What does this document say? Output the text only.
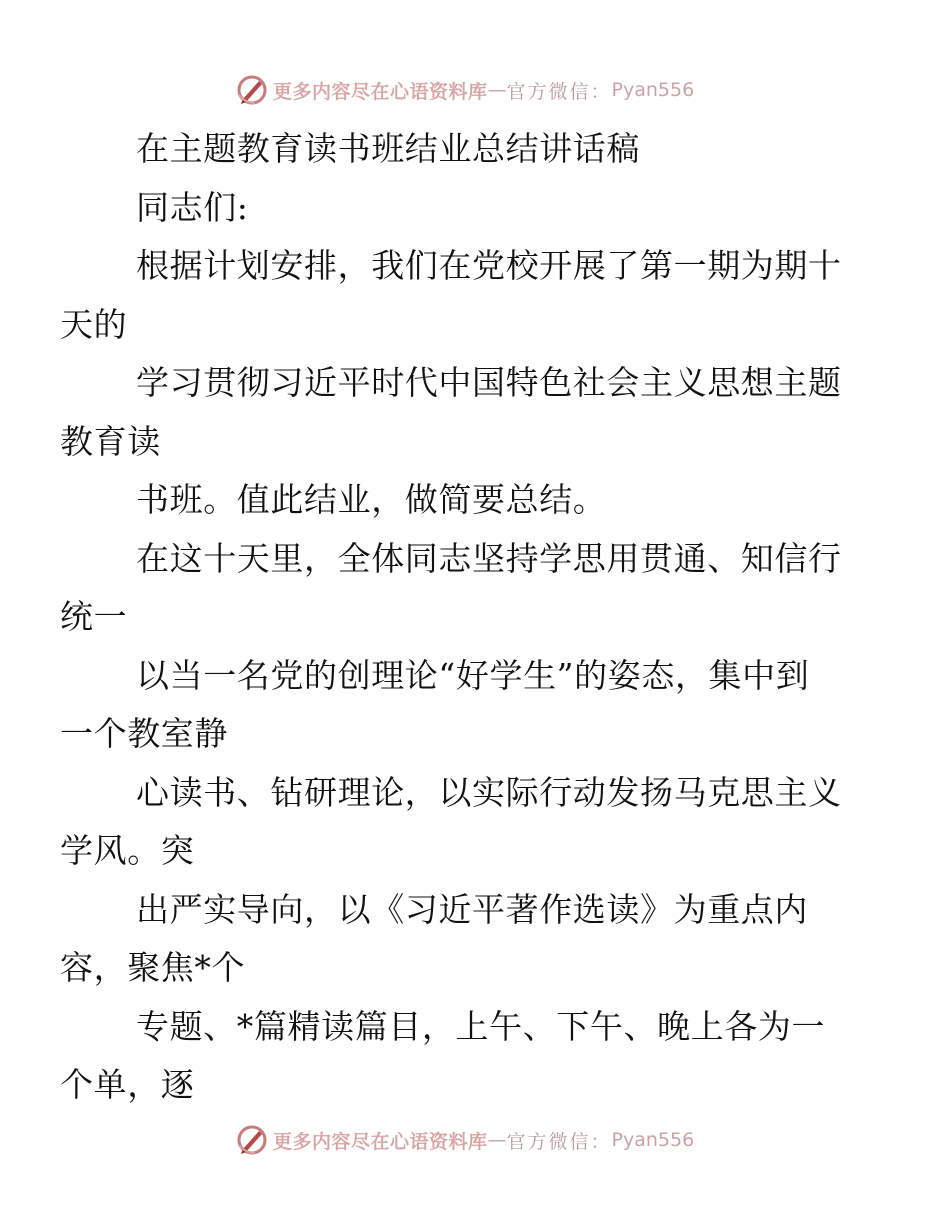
更多内容尽在心语资料库 — 官方微信： Pyan556

在主题教育读书班结业总结讲话稿

同志们:

根据计划安排，我们在党校开展了第一期为期十
天的

学习贯彻习近平时代中国特色社会主义思想主题
教育读

书班。值此结业，做简要总结。

在这十天里，全体同志坚持学思用贯通、知信行
统一

以当一名党的创理论“好学生”的姿态，集中到
一个教室静

心读书、钻研理论，以实际行动发扬马克思主义
学风。突

出严实导向，以《习近平著作选读》为重点内
容，聚焦*个

专题、*篇精读篇目，上午、下午、晚上各为一
个单，逐

更多内容尽在心语资料库 — 官方微信： Pyan556
